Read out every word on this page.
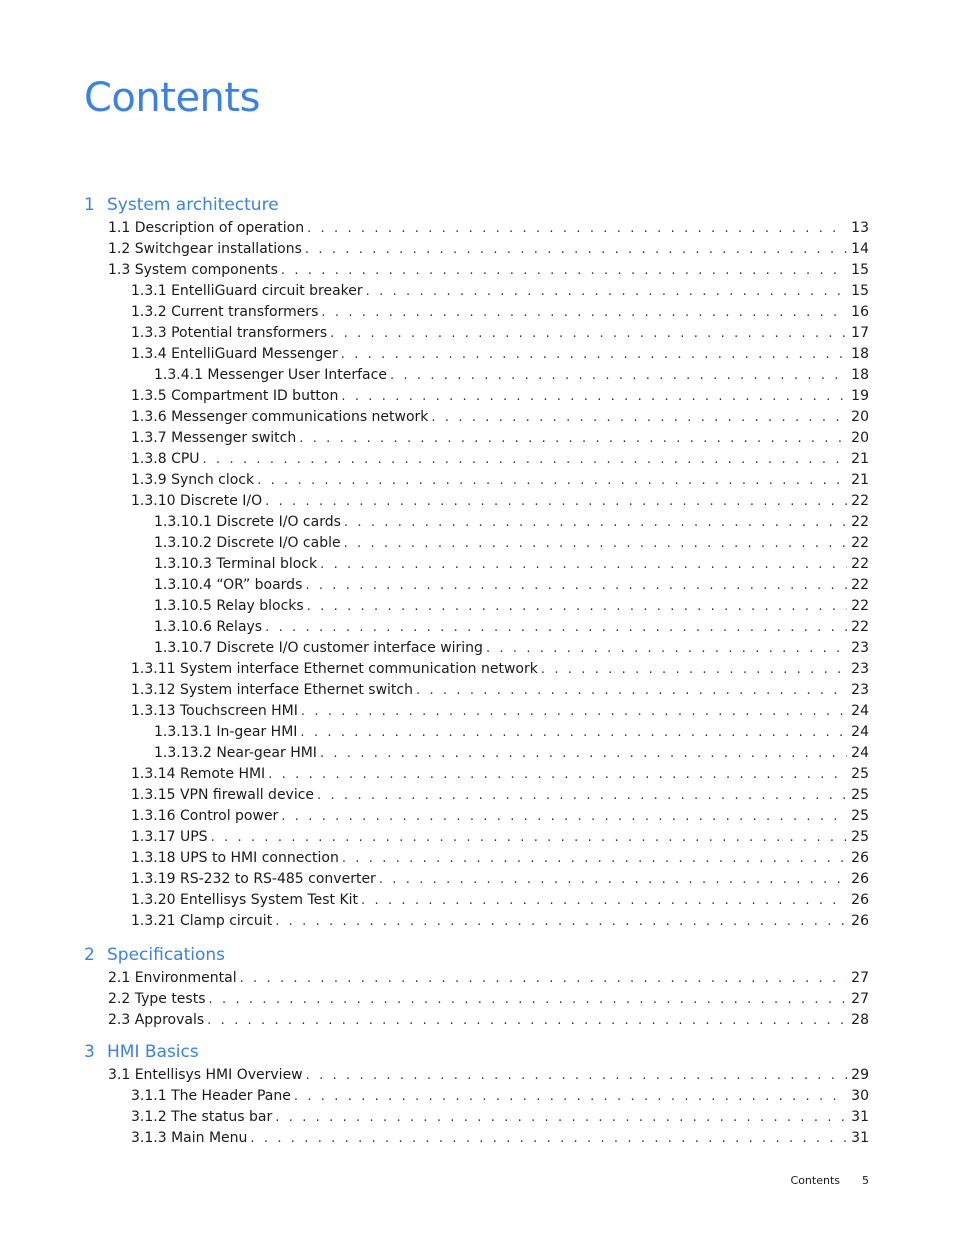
Contents
1 System architecture
1.1 Description of operation . . .	13
1.2 Switchgear installations . . .	14
1.3 System components . . .	15
1.3.1 EntelliGuard circuit breaker . . .	15
1.3.2 Current transformers . . .	16
1.3.3 Potential transformers . . .	17
1.3.4 EntelliGuard Messenger . . .	18
1.3.4.1 Messenger User Interface . . .	18
1.3.5 Compartment ID button . . .	19
1.3.6 Messenger communications network . . .	20
1.3.7 Messenger switch . . .	20
1.3.8 CPU . . .	21
1.3.9 Synch clock . . .	21
1.3.10 Discrete I/O . . .	22
1.3.10.1 Discrete I/O cards . . .	22
1.3.10.2 Discrete I/O cable . . .	22
1.3.10.3 Terminal block . . .	22
1.3.10.4 “OR” boards . . .	22
1.3.10.5 Relay blocks . . .	22
1.3.10.6 Relays . . .	22
1.3.10.7 Discrete I/O customer interface wiring . . .	23
1.3.11 System interface Ethernet communication network . . .	23
1.3.12 System interface Ethernet switch . . .	23
1.3.13 Touchscreen HMI . . .	24
1.3.13.1 In-gear HMI . . .	24
1.3.13.2 Near-gear HMI . . .	24
1.3.14 Remote HMI . . .	25
1.3.15 VPN firewall device . . .	25
1.3.16 Control power . . .	25
1.3.17 UPS . . .	25
1.3.18 UPS to HMI connection . . .	26
1.3.19 RS-232 to RS-485 converter . . .	26
1.3.20 Entellisys System Test Kit . . .	26
1.3.21 Clamp circuit . . .	26
2 Specifications
2.1 Environmental . . .	27
2.2 Type tests . . .	27
2.3 Approvals . . .	28
3 HMI Basics
3.1 Entellisys HMI Overview . . .	29
3.1.1 The Header Pane . . .	30
3.1.2 The status bar . . .	31
3.1.3 Main Menu . . .	31
Contents 5
